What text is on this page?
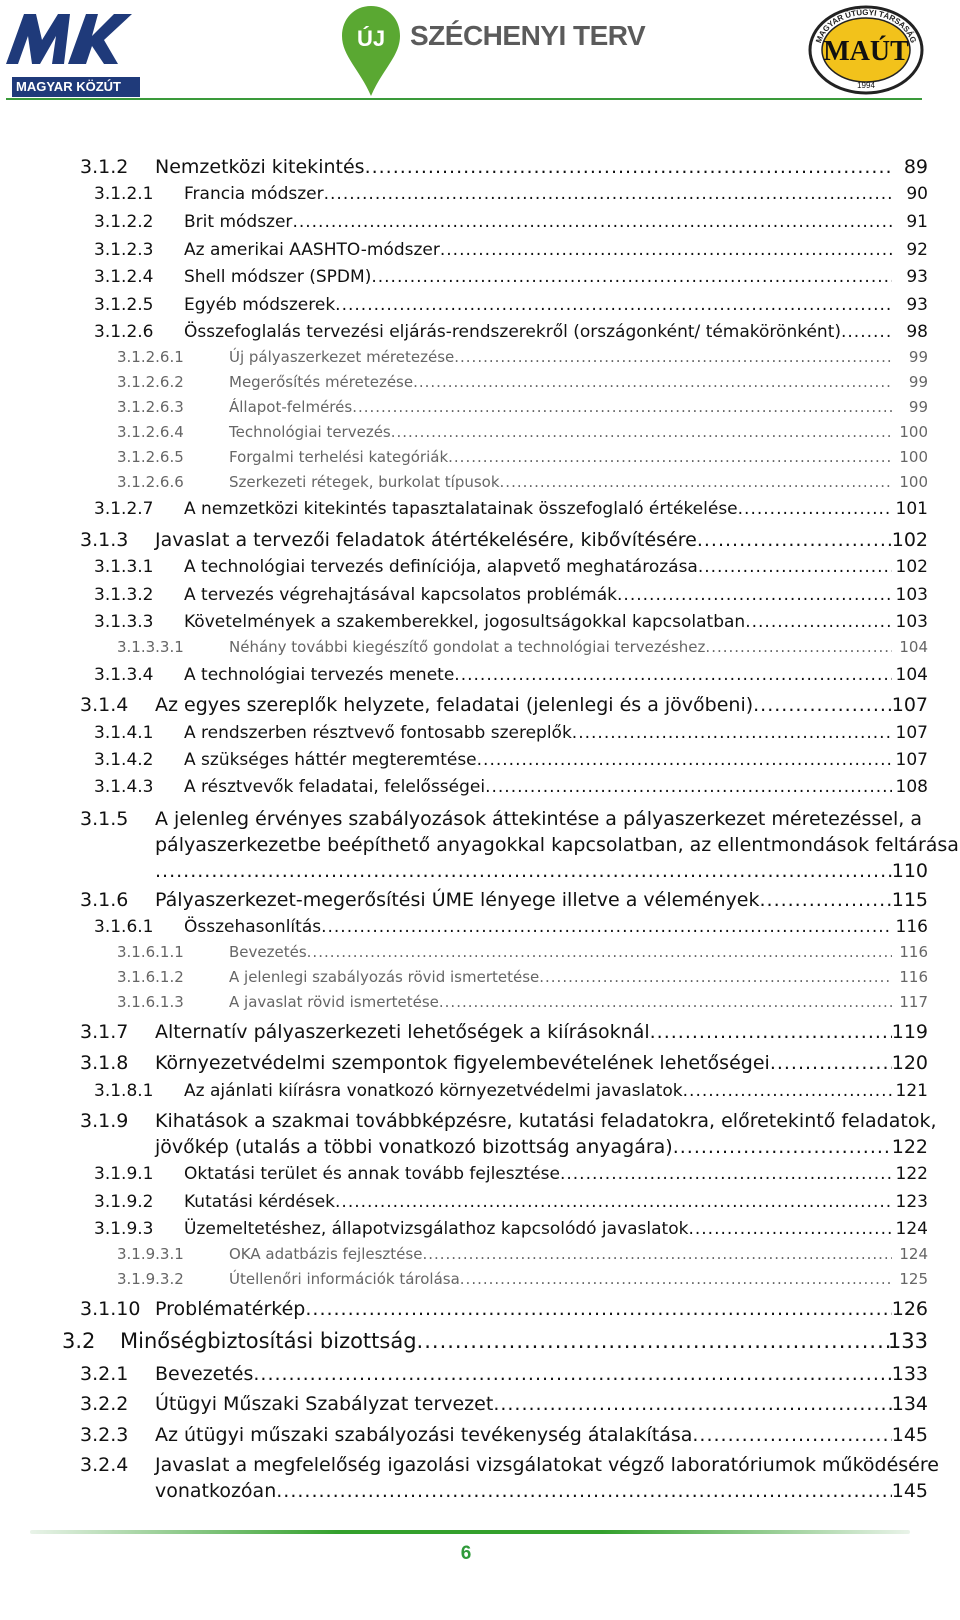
MAGYAR KÖZÚT
ÚJ SZÉCHENYI TERV	MAGYAR ÚTÜGYI TÁRSASÁG
MAÚT
1994
3.1.2 Nemzetközi kitekintés .....	89
3.1.2.1 Francia módszer .....	90
3.1.2.2 Brit módszer .....	91
3.1.2.3 Az amerikai AASHTO-módszer .....	92
3.1.2.4 Shell módszer (SPDM) .....	93
3.1.2.5 Egyéb módszerek .....	93
3.1.2.6 Összefoglalás tervezési eljárás-rendszerekről (országonként/ témakörönként) .....	98
3.1.2.6.1	Új pályaszerkezet méretezése .....	99
3.1.2.6.2	Megerősítés méretezése .....	99
3.1.2.6.3	Állapot-felmérés .....	99
3.1.2.6.4	Technológiai tervezés .....	100
3.1.2.6.5	Forgalmi terhelési kategóriák .....	100
3.1.2.6.6	Szerkezeti rétegek, burkolat típusok .....	100
3.1.2.7 A nemzetközi kitekintés tapasztalatainak összefoglaló értékelése .....	101
3.1.3 Javaslat a tervezői feladatok átértékelésére, kibővítésére .....	102
3.1.3.1 A technológiai tervezés definíciója, alapvető meghatározása .....	102
3.1.3.2 A tervezés végrehajtásával kapcsolatos problémák .....	103
3.1.3.3 Követelmények a szakemberekkel, jogosultságokkal kapcsolatban .....	103
3.1.3.3.1	Néhány további kiegészítő gondolat a technológiai tervezéshez .....	104
3.1.3.4 A technológiai tervezés menete .....	104
3.1.4 Az egyes szereplők helyzete, feladatai (jelenlegi és a jövőbeni) .....	107
3.1.4.1 A rendszerben résztvevő fontosabb szereplők .....	107
3.1.4.2 A szükséges háttér megteremtése .....	107
3.1.4.3 A résztvevők feladatai, felelősségei .....	108
3.1.5 A jelenleg érvényes szabályozások áttekintése a pályaszerkezet méretezéssel, a
pályaszerkezetbe beépíthető anyagokkal kapcsolatban, az ellentmondások feltárása
.....
110
3.1.6 Pályaszerkezet-megerősítési ÚME lényege illetve a vélemények .....	115
3.1.6.1 Összehasonlítás .....	116
3.1.6.1.1	Bevezetés .....	116
3.1.6.1.2	A jelenlegi szabályozás rövid ismertetése .....	116
3.1.6.1.3	A javaslat rövid ismertetése .....	117
3.1.7 Alternatív pályaszerkezeti lehetőségek a kiírásoknál .....	119
3.1.8 Környezetvédelmi szempontok figyelembevételének lehetőségei .....	120
3.1.8.1 Az ajánlati kiírásra vonatkozó környezetvédelmi javaslatok .....	121
3.1.9 Kihatások a szakmai továbbképzésre, kutatási feladatokra, előretekintő feladatok,
jövőkép (utalás a többi vonatkozó bizottság anyagára) .....	122
3.1.9.1 Oktatási terület és annak tovább fejlesztése .....	122
3.1.9.2 Kutatási kérdések .....	123
3.1.9.3 Üzemeltetéshez, állapotvizsgálathoz kapcsolódó javaslatok .....	124
3.1.9.3.1	OKA adatbázis fejlesztése .....	124
3.1.9.3.2	Útellenőri információk tárolása .....	125
3.1.10 Problématérkép .....	126
3.2 Minőségbiztosítási bizottság .....	133
3.2.1 Bevezetés .....	133
3.2.2 Útügyi Műszaki Szabályzat tervezet .....	134
3.2.3 Az útügyi műszaki szabályozási tevékenység átalakítása .....	145
3.2.4 Javaslat a megfelelőség igazolási vizsgálatokat végző laboratóriumok működésére
vonatkozóan .....	145
6
